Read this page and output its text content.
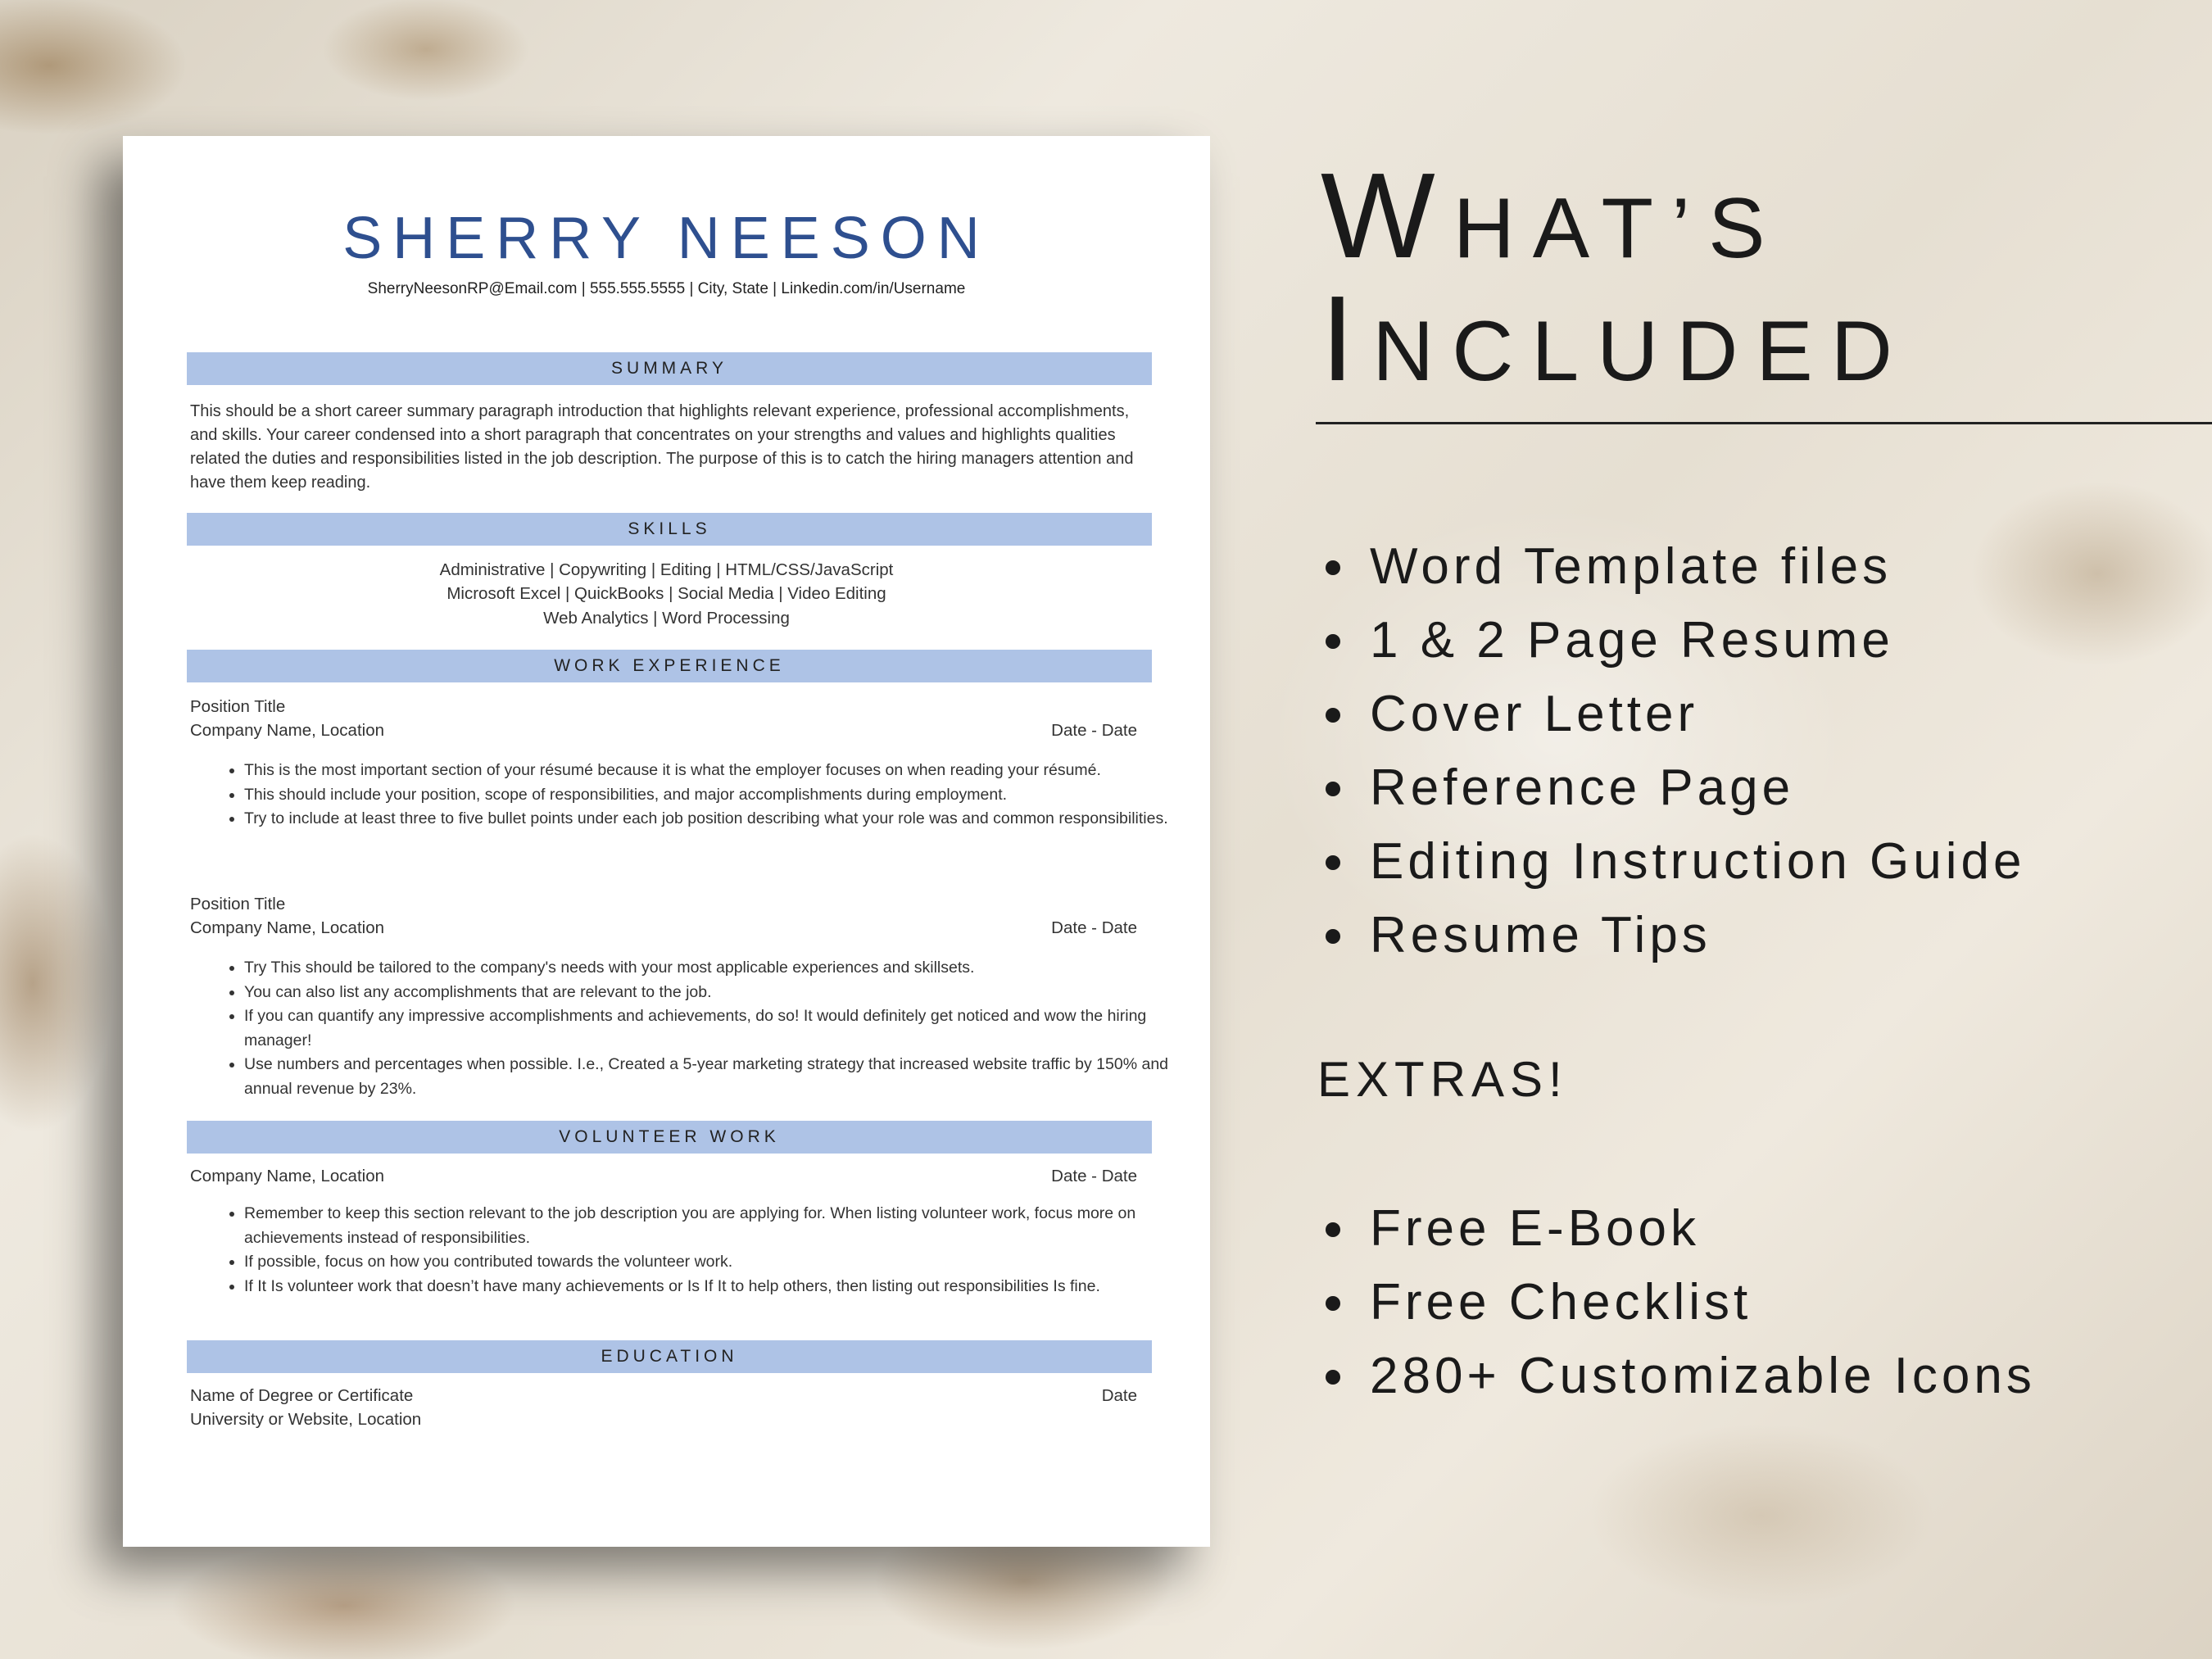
SHERRY NEESON
SherryNeesonRP@Email.com | 555.555.5555 | City, State | Linkedin.com/in/Username
SUMMARY
This should be a short career summary paragraph introduction that highlights relevant experience, professional accomplishments, and skills. Your career condensed into a short paragraph that concentrates on your strengths and values and highlights qualities related the duties and responsibilities listed in the job description. The purpose of this is to catch the hiring managers attention and have them keep reading.
SKILLS
Administrative | Copywriting | Editing | HTML/CSS/JavaScript
Microsoft Excel | QuickBooks | Social Media | Video Editing
Web Analytics | Word Processing
WORK EXPERIENCE
Position Title
Company Name, Location	Date - Date
• This is the most important section of your résumé because it is what the employer focuses on when reading your résumé.
• This should include your position, scope of responsibilities, and major accomplishments during employment.
• Try to include at least three to five bullet points under each job position describing what your role was and common responsibilities.
Position Title
Company Name, Location	Date - Date
• Try This should be tailored to the company's needs with your most applicable experiences and skillsets.
• You can also list any accomplishments that are relevant to the job.
• If you can quantify any impressive accomplishments and achievements, do so! It would definitely get noticed and wow the hiring manager!
• Use numbers and percentages when possible. I.e., Created a 5-year marketing strategy that increased website traffic by 150% and annual revenue by 23%.
VOLUNTEER WORK
Company Name, Location	Date - Date
• Remember to keep this section relevant to the job description you are applying for. When listing volunteer work, focus more on achievements instead of responsibilities.
• If possible, focus on how you contributed towards the volunteer work.
• If It Is volunteer work that doesn’t have many achievements or Is If It to help others, then listing out responsibilities Is fine.
EDUCATION
Name of Degree or Certificate	Date
University or Website, Location
WHAT’S
INCLUDED
Word Template files
1 & 2 Page Resume
Cover Letter
Reference Page
Editing Instruction Guide
Resume Tips
EXTRAS!
Free E-Book
Free Checklist
280+ Customizable Icons
